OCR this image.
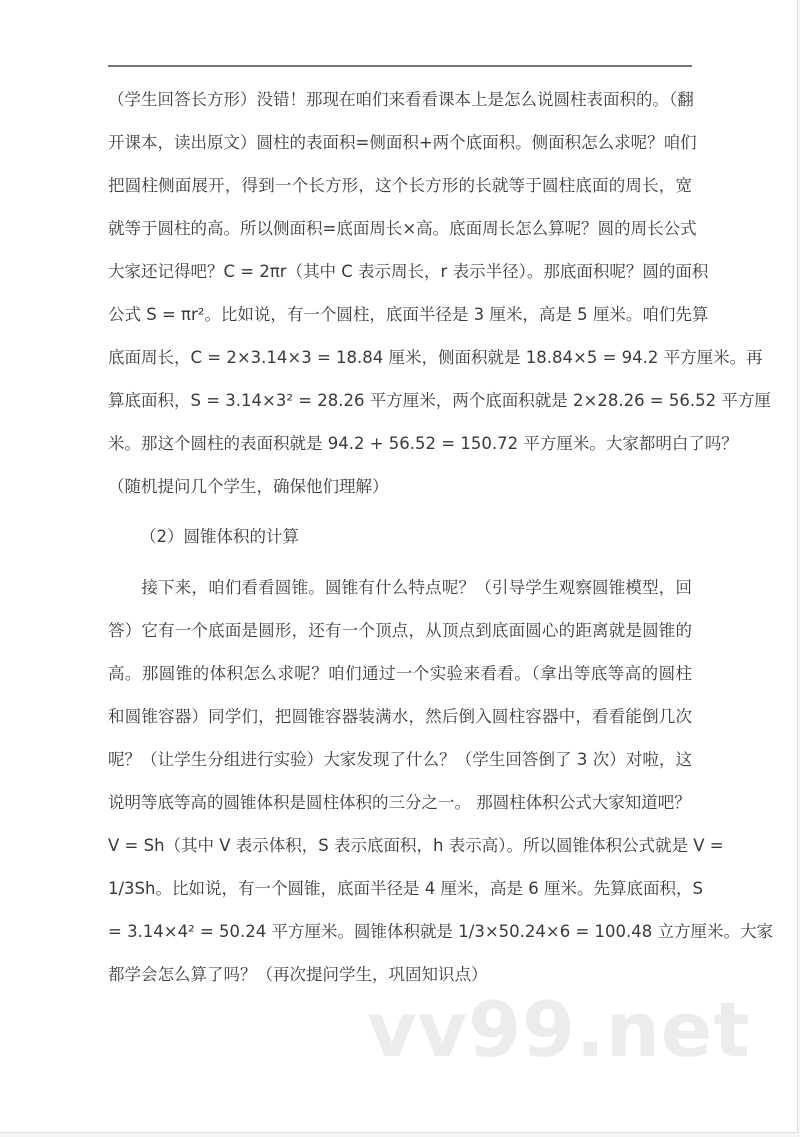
（学生回答长方形）没错！那现在咱们来看看课本上是怎么说圆柱表面积的。（翻
开课本，读出原文）圆柱的表面积=侧面积+两个底面积。侧面积怎么求呢？咱们
把圆柱侧面展开，得到一个长方形，这个长方形的长就等于圆柱底面的周长，宽
就等于圆柱的高。所以侧面积=底面周长×高。底面周长怎么算呢？圆的周长公式
大家还记得吧？C = 2πr（其中 C 表示周长，r 表示半径）。那底面积呢？圆的面积
公式 S = πr²。比如说，有一个圆柱，底面半径是 3 厘米，高是 5 厘米。咱们先算
底面周长，C = 2×3.14×3 = 18.84 厘米，侧面积就是 18.84×5 = 94.2 平方厘米。再
算底面积，S = 3.14×3² = 28.26 平方厘米，两个底面积就是 2×28.26 = 56.52 平方厘
米。那这个圆柱的表面积就是 94.2 + 56.52 = 150.72 平方厘米。大家都明白了吗？
（随机提问几个学生，确保他们理解）
（2）圆锥体积的计算
　　接下来，咱们看看圆锥。圆锥有什么特点呢？（引导学生观察圆锥模型，回
答）它有一个底面是圆形，还有一个顶点，从顶点到底面圆心的距离就是圆锥的
高。那圆锥的体积怎么求呢？咱们通过一个实验来看看。（拿出等底等高的圆柱
和圆锥容器）同学们，把圆锥容器装满水，然后倒入圆柱容器中，看看能倒几次
呢？（让学生分组进行实验）大家发现了什么？（学生回答倒了 3 次）对啦，这
说明等底等高的圆锥体积是圆柱体积的三分之一。 那圆柱体积公式大家知道吧？
V = Sh（其中 V 表示体积，S 表示底面积，h 表示高）。所以圆锥体积公式就是 V =
1/3Sh。比如说，有一个圆锥，底面半径是 4 厘米，高是 6 厘米。先算底面积，S
= 3.14×4² = 50.24 平方厘米。圆锥体积就是 1/3×50.24×6 = 100.48 立方厘米。大家
都学会怎么算了吗？（再次提问学生，巩固知识点）
vv99.net
